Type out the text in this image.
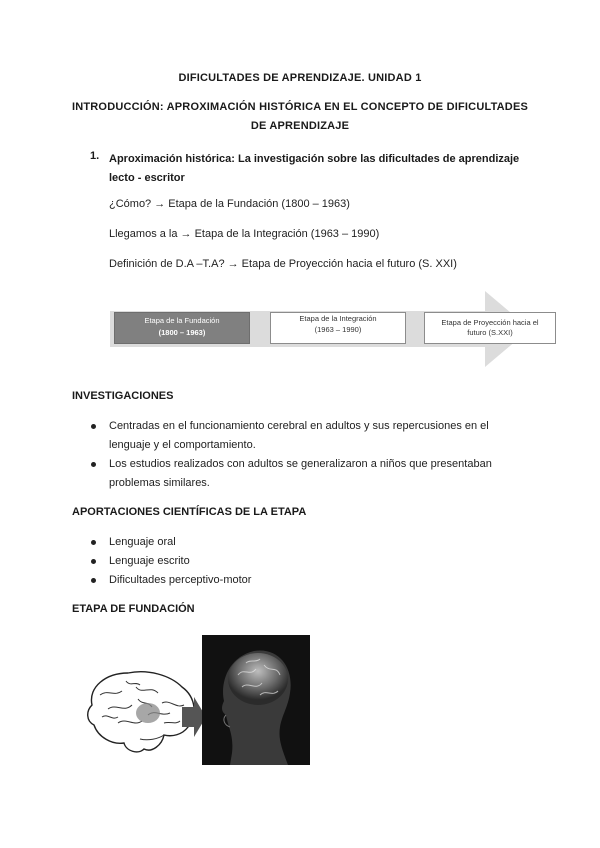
DIFICULTADES DE APRENDIZAJE. UNIDAD 1
INTRODUCCIÓN: APROXIMACIÓN HISTÓRICA EN EL CONCEPTO DE DIFICULTADES
DE APRENDIZAJE
1. Aproximación histórica: La investigación sobre las dificultades de aprendizaje
lecto - escritor
¿Cómo? → Etapa de la Fundación (1800 – 1963)
Llegamos a la → Etapa de la Integración (1963 – 1990)
Definición de D.A –T.A? → Etapa de Proyección hacia el futuro (S. XXI)
Etapa de la Fundación
(1800 – 1963)
Etapa de la Integración
(1963 – 1990)
Etapa de Proyección hacia el
futuro (S.XXI)
INVESTIGACIONES
Centradas en el funcionamiento cerebral en adultos y sus repercusiones en el
lenguaje y el comportamiento.
Los estudios realizados con adultos se generalizaron a niños que presentaban
problemas similares.
APORTACIONES CIENTÍFICAS DE LA ETAPA
Lenguaje oral
Lenguaje escrito
Dificultades perceptivo-motor
ETAPA DE FUNDACIÓN
